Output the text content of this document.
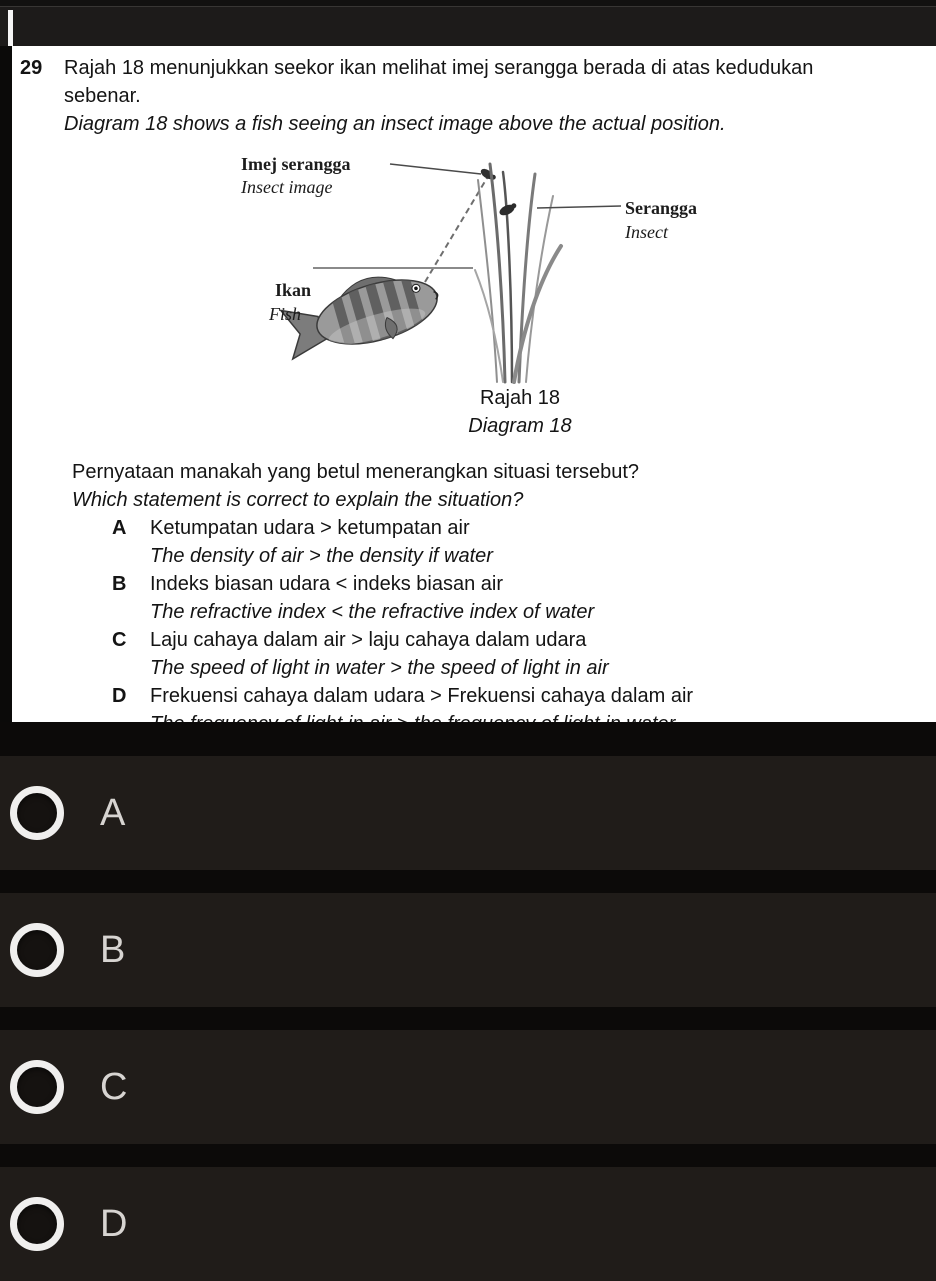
29	Rajah 18 menunjukkan seekor ikan melihat imej serangga berada di atas kedudukan
sebenar.
Diagram 18 shows a fish seeing an insect image above the actual position.
Imej serangga
Insect image
Serangga
Insect
Ikan
Fish
Rajah 18
Diagram 18
Pernyataan manakah yang betul menerangkan situasi tersebut?
Which statement is correct to explain the situation?
A	Ketumpatan udara > ketumpatan air
The density of air > the density if water
B	Indeks biasan udara < indeks biasan air
The refractive index < the refractive index of water
C	Laju cahaya dalam air > laju cahaya dalam udara
The speed of light in water > the speed of light in air
D	Frekuensi cahaya dalam udara > Frekuensi cahaya dalam air
A
B
C
D
